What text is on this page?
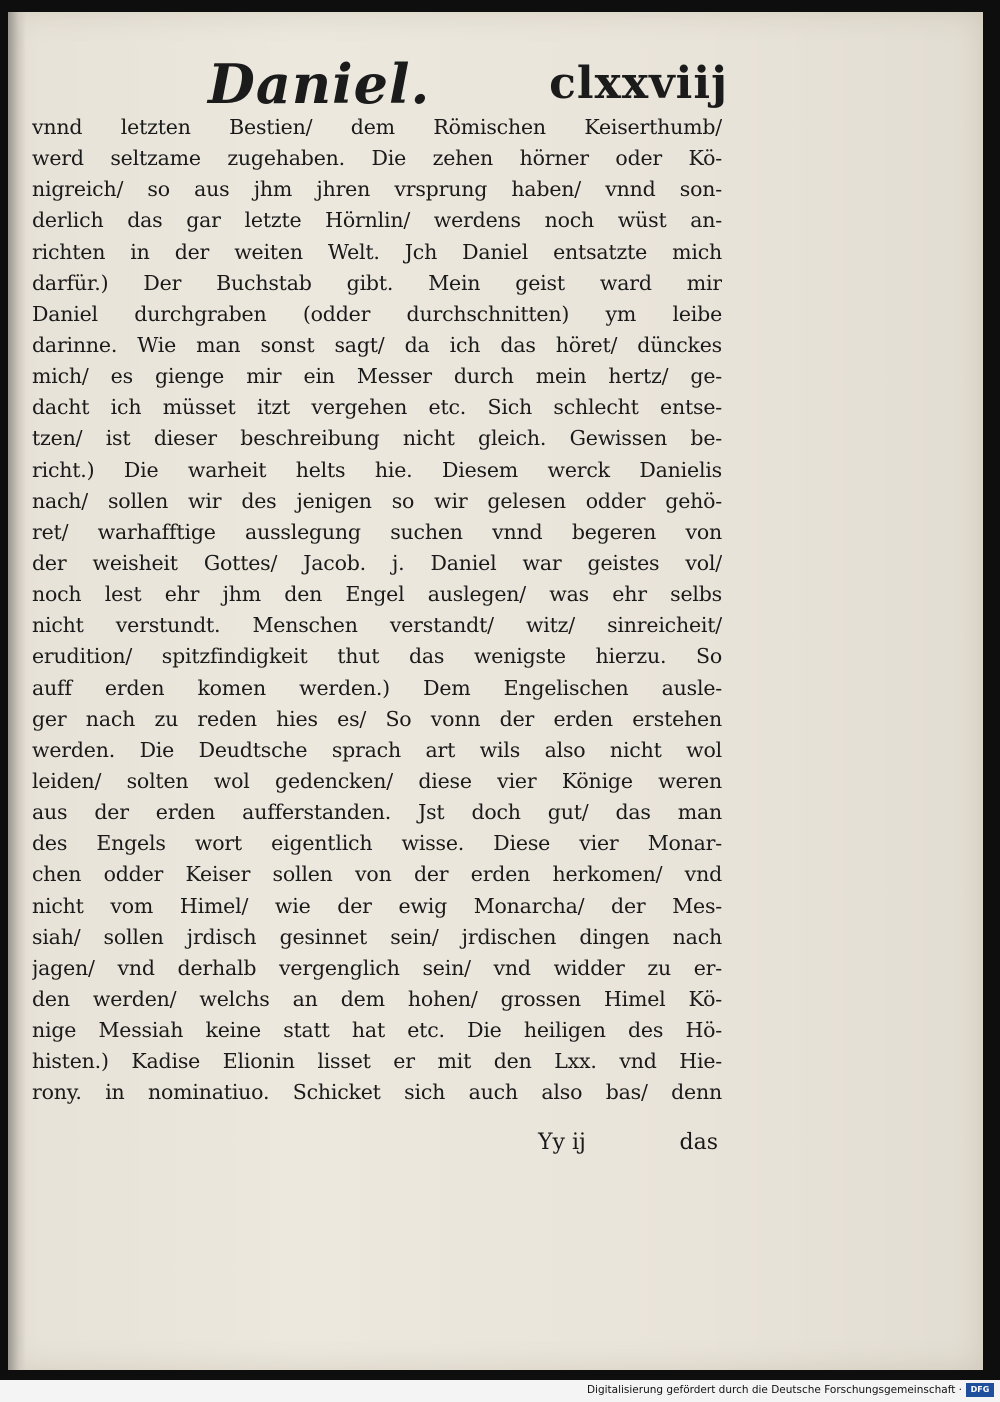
Daniel.	clxxviij
vnnd letzten Bestien/ dem Römischen Keiserthumb/
werd seltzame zugehaben. Die zehen hörner oder Kö-
nigreich/ so aus jhm jhren vrsprung haben/ vnnd son-
derlich das gar letzte Hörnlin/ werdens noch wüst an-
richten in der weiten Welt. Jch Daniel entsatzte mich
darfür.) Der Buchstab gibt. Mein geist ward mir
Daniel durchgraben (odder durchschnitten) ym leibe
darinne. Wie man sonst sagt/ da ich das höret/ dünckes
mich/ es gienge mir ein Messer durch mein hertz/ ge-
dacht ich müsset itzt vergehen etc. Sich schlecht entse-
tzen/ ist dieser beschreibung nicht gleich. Gewissen be-
richt.) Die warheit helts hie. Diesem werck Danielis
nach/ sollen wir des jenigen so wir gelesen odder gehö-
ret/ warhafftige ausslegung suchen vnnd begeren von
der weisheit Gottes/ Jacob. j. Daniel war geistes vol/
noch lest ehr jhm den Engel auslegen/ was ehr selbs
nicht verstundt. Menschen verstandt/ witz/ sinreicheit/
erudition/ spitzfindigkeit thut das wenigste hierzu. So
auff erden komen werden.) Dem Engelischen ausle-
ger nach zu reden hies es/ So vonn der erden erstehen
werden. Die Deudtsche sprach art wils also nicht wol
leiden/ solten wol gedencken/ diese vier Könige weren
aus der erden aufferstanden. Jst doch gut/ das man
des Engels wort eigentlich wisse. Diese vier Monar-
chen odder Keiser sollen von der erden herkomen/ vnd
nicht vom Himel/ wie der ewig Monarcha/ der Mes-
siah/ sollen jrdisch gesinnet sein/ jrdischen dingen nach
jagen/ vnd derhalb vergenglich sein/ vnd widder zu er-
den werden/ welchs an dem hohen/ grossen Himel Kö-
nige Messiah keine statt hat etc. Die heiligen des Hö-
histen.) Kadise Elionin lisset er mit den Lxx. vnd Hie-
rony. in nominatiuo. Schicket sich auch also bas/ denn
Yy ij	das
Digitalisierung gefördert durch die Deutsche Forschungsgemeinschaft ·	DFG
